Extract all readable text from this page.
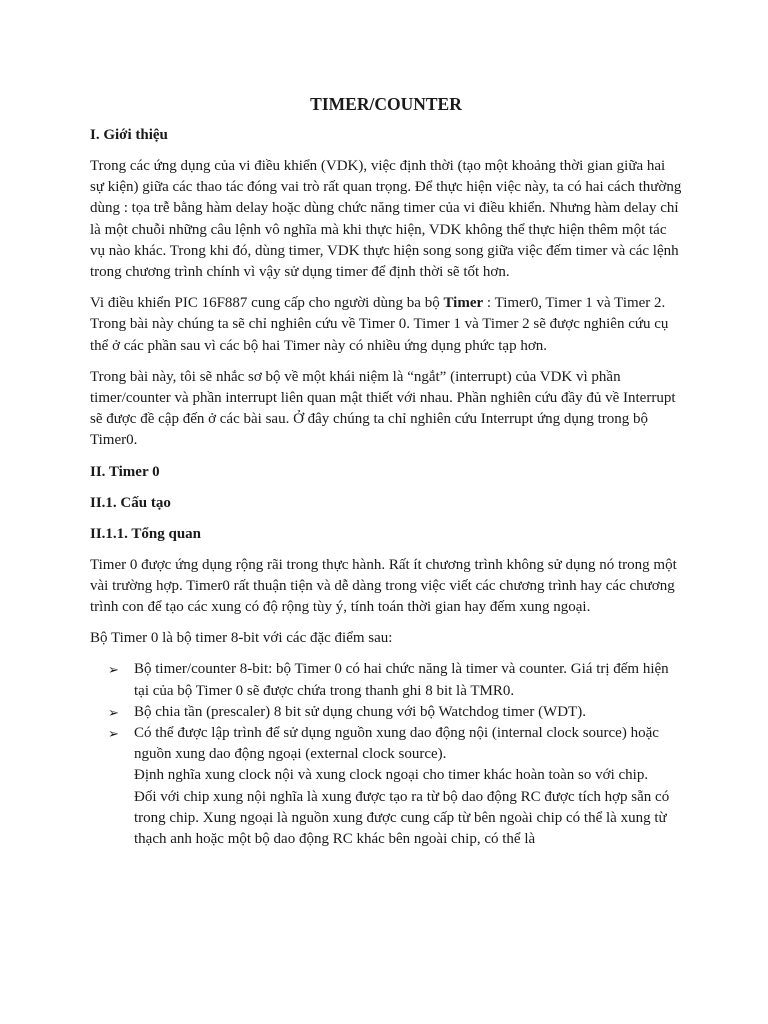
TIMER/COUNTER
I. Giới thiệu

Trong các ứng dụng của vi điều khiển (VDK), việc định thời (tạo một khoảng thời gian giữa hai sự kiện) giữa các thao tác đóng vai trò rất quan trọng. Để thực hiện việc này, ta có hai cách thường dùng : tọa trễ bằng hàm delay hoặc dùng chức năng timer của vi điều khiển. Nhưng hàm delay chỉ là một chuỗi những câu lệnh vô nghĩa mà khi thực hiện, VDK không thể thực hiện thêm một tác vụ nào khác. Trong khi đó, dùng timer, VDK thực hiện song song giữa việc đếm timer và các lệnh trong chương trình chính vì vậy sử dụng timer để định thời sẽ tốt hơn.

Vi điều khiển PIC 16F887 cung cấp cho người dùng ba bộ Timer : Timer0, Timer 1 và Timer 2. Trong bài này chúng ta sẽ chỉ nghiên cứu về Timer 0. Timer 1 và Timer 2 sẽ được nghiên cứu cụ thể ở các phần sau vì các bộ hai Timer này có nhiều ứng dụng phức tạp hơn.

Trong bài này, tôi sẽ nhắc sơ bộ về một khái niệm là “ngắt” (interrupt) của VDK vì phần timer/counter và phần interrupt liên quan mật thiết với nhau. Phần nghiên cứu đầy đủ về Interrupt sẽ được đề cập đến ở các bài sau. Ở đây chúng ta chỉ nghiên cứu Interrupt ứng dụng trong bộ Timer0.

II. Timer 0
II.1. Cấu tạo
II.1.1. Tổng quan

Timer 0 được ứng dụng rộng rãi trong thực hành. Rất ít chương trình không sử dụng nó trong một vài trường hợp. Timer0 rất thuận tiện và dễ dàng trong việc viết các chương trình hay các chương trình con để tạo các xung có độ rộng tùy ý, tính toán thời gian hay đếm xung ngoại.

Bộ Timer 0 là bộ timer 8-bit với các đặc điểm sau:

➢ Bộ timer/counter 8-bit: bộ Timer 0 có hai chức năng là timer và counter. Giá trị đếm hiện tại của bộ Timer 0 sẽ được chứa trong thanh ghi 8 bit là TMR0.
➢ Bộ chia tần (prescaler) 8 bit sử dụng chung với bộ Watchdog timer (WDT).
➢ Có thể được lập trình để sử dụng nguồn xung dao động nội (internal clock source) hoặc nguồn xung dao động ngoại (external clock source).
Định nghĩa xung clock nội và xung clock ngoại cho timer khác hoàn toàn so với chip.
Đối với chip xung nội nghĩa là xung được tạo ra từ bộ dao động RC được tích hợp sẵn có trong chip. Xung ngoại là nguồn xung được cung cấp từ bên ngoài chip có thể là xung từ thạch anh hoặc một bộ dao động RC khác bên ngoài chip, có thể là
